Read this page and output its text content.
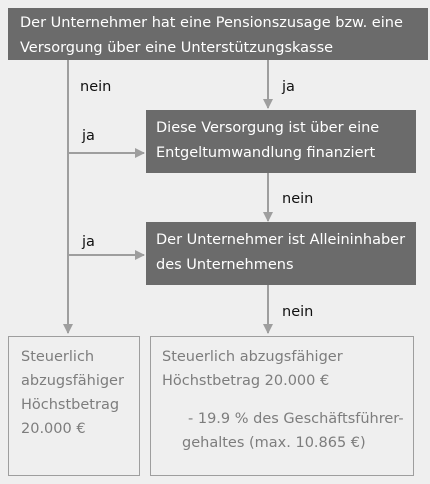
Der Unternehmer hat eine Pensionszusage bzw. eine
Versorgung über eine Unterstützungskasse
Diese Versorgung ist über eine
Entgeltumwandlung finanziert
Der Unternehmer ist Alleininhaber
des Unternehmens
nein	ja
ja
nein
ja
nein
Steuerlich
abzugsfähiger
Höchstbetrag
20.000 €
Steuerlich abzugsfähiger
Höchstbetrag 20.000 €
- 19.9 % des Geschäftsführer-
gehaltes (max. 10.865 €)
